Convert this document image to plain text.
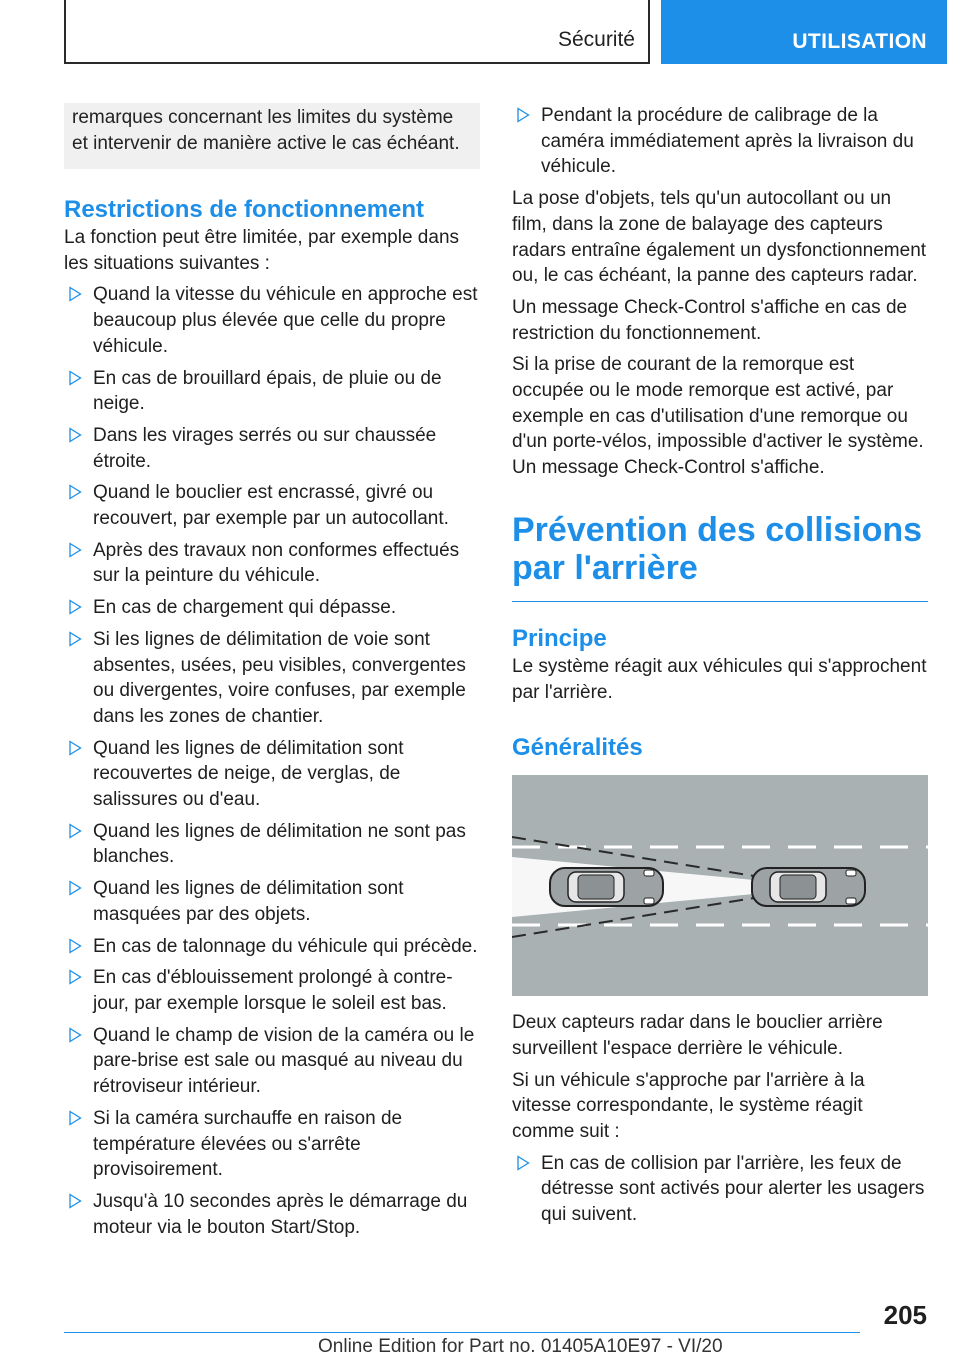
Sécurité	UTILISATION
remarques concernant les limites du système et intervenir de manière active le cas échéant.
Restrictions de fonctionnement

La fonction peut être limitée, par exemple dans les situations suivantes :

Quand la vitesse du véhicule en approche est beaucoup plus élevée que celle du propre véhicule.
En cas de brouillard épais, de pluie ou de neige.
Dans les virages serrés ou sur chaussée étroite.
Quand le bouclier est encrassé, givré ou recouvert, par exemple par un autocollant.
Après des travaux non conformes effectués sur la peinture du véhicule.
En cas de chargement qui dépasse.
Si les lignes de délimitation de voie sont absentes, usées, peu visibles, convergentes ou divergentes, voire confuses, par exemple dans les zones de chantier.
Quand les lignes de délimitation sont recouvertes de neige, de verglas, de salissures ou d'eau.
Quand les lignes de délimitation ne sont pas blanches.
Quand les lignes de délimitation sont masquées par des objets.
En cas de talonnage du véhicule qui précède.
En cas d'éblouissement prolongé à contre-jour, par exemple lorsque le soleil est bas.
Quand le champ de vision de la caméra ou le pare-brise est sale ou masqué au niveau du rétroviseur intérieur.
Si la caméra surchauffe en raison de température élevées ou s'arrête provisoirement.
Jusqu'à 10 secondes après le démarrage du moteur via le bouton Start/Stop.
Pendant la procédure de calibrage de la caméra immédiatement après la livraison du véhicule.

La pose d'objets, tels qu'un autocollant ou un film, dans la zone de balayage des capteurs radars entraîne également un dysfonctionnement ou, le cas échéant, la panne des capteurs radar.

Un message Check-Control s'affiche en cas de restriction du fonctionnement.

Si la prise de courant de la remorque est occupée ou le mode remorque est activé, par exemple en cas d'utilisation d'une remorque ou d'un porte-vélos, impossible d'activer le système. Un message Check-Control s'affiche.

Prévention des collisions par l'arrière
Principe

Le système réagit aux véhicules qui s'approchent par l'arrière.

Généralités

Deux capteurs radar dans le bouclier arrière surveillent l'espace derrière le véhicule.

Si un véhicule s'approche par l'arrière à la vitesse correspondante, le système réagit comme suit :

En cas de collision par l'arrière, les feux de détresse sont activés pour alerter les usagers qui suivent.
205
Online Edition for Part no. 01405A10E97 - VI/20
